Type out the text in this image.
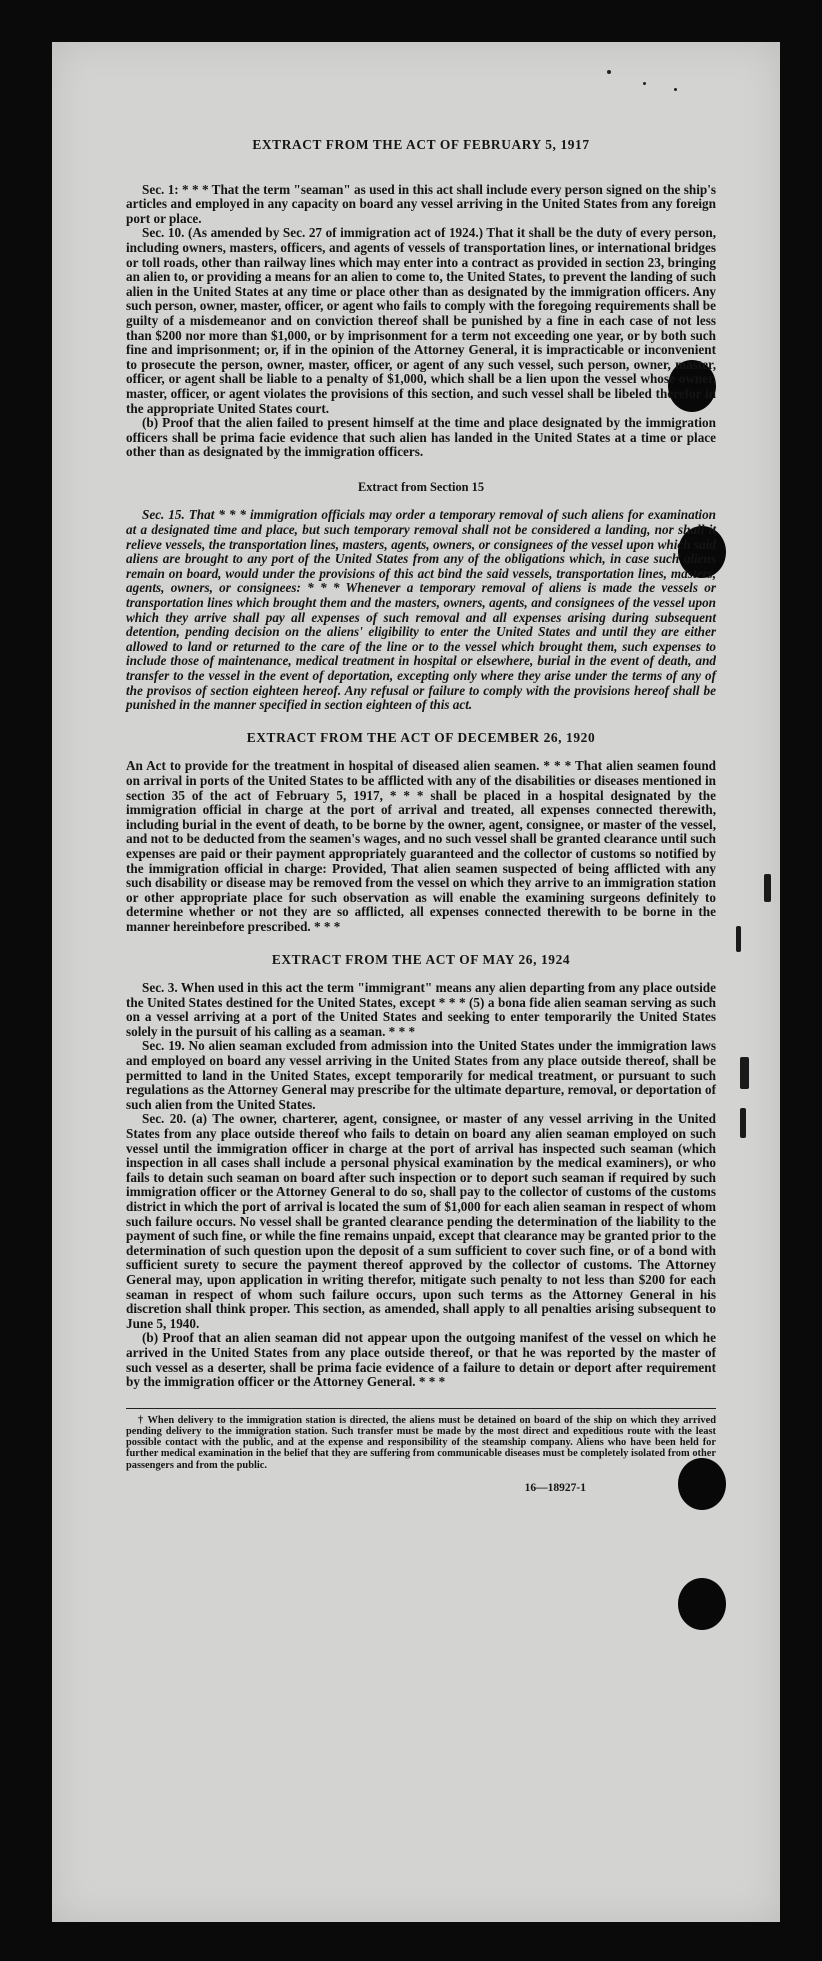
EXTRACT FROM THE ACT OF FEBRUARY 5, 1917

Sec. 1: * * * That the term "seaman" as used in this act shall include every person signed on the ship's articles and employed in any capacity on board any vessel arriving in the United States from any foreign port or place.

Sec. 10. (As amended by Sec. 27 of immigration act of 1924.) That it shall be the duty of every person, including owners, masters, officers, and agents of vessels of transportation lines, or international bridges or toll roads, other than railway lines which may enter into a contract as provided in section 23, bringing an alien to, or providing a means for an alien to come to, the United States, to prevent the landing of such alien in the United States at any time or place other than as designated by the immigration officers. Any such person, owner, master, officer, or agent who fails to comply with the foregoing requirements shall be guilty of a misdemeanor and on conviction thereof shall be punished by a fine in each case of not less than $200 nor more than $1,000, or by imprisonment for a term not exceeding one year, or by both such fine and imprisonment; or, if in the opinion of the Attorney General, it is impracticable or inconvenient to prosecute the person, owner, master, officer, or agent of any such vessel, such person, owner, master, officer, or agent shall be liable to a penalty of $1,000, which shall be a lien upon the vessel whose owner, master, officer, or agent violates the provisions of this section, and such vessel shall be libeled therefor in the appropriate United States court.

(b) Proof that the alien failed to present himself at the time and place designated by the immigration officers shall be prima facie evidence that such alien has landed in the United States at a time or place other than as designated by the immigration officers.

Extract from Section 15

Sec. 15. That * * * immigration officials may order a temporary removal of such aliens for examination at a designated time and place, but such temporary removal shall not be considered a landing, nor shall it relieve vessels, the transportation lines, masters, agents, owners, or consignees of the vessel upon which said aliens are brought to any port of the United States from any of the obligations which, in case such aliens remain on board, would under the provisions of this act bind the said vessels, transportation lines, masters, agents, owners, or consignees: * * * Whenever a temporary removal of aliens is made the vessels or transportation lines which brought them and the masters, owners, agents, and consignees of the vessel upon which they arrive shall pay all expenses of such removal and all expenses arising during subsequent detention, pending decision on the aliens' eligibility to enter the United States and until they are either allowed to land or returned to the care of the line or to the vessel which brought them, such expenses to include those of maintenance, medical treatment in hospital or elsewhere, burial in the event of death, and transfer to the vessel in the event of deportation, excepting only where they arise under the terms of any of the provisos of section eighteen hereof. Any refusal or failure to comply with the provisions hereof shall be punished in the manner specified in section eighteen of this act.

EXTRACT FROM THE ACT OF DECEMBER 26, 1920

An Act to provide for the treatment in hospital of diseased alien seamen. * * * That alien seamen found on arrival in ports of the United States to be afflicted with any of the disabilities or diseases mentioned in section 35 of the act of February 5, 1917, * * * shall be placed in a hospital designated by the immigration official in charge at the port of arrival and treated, all expenses connected therewith, including burial in the event of death, to be borne by the owner, agent, consignee, or master of the vessel, and not to be deducted from the seamen's wages, and no such vessel shall be granted clearance until such expenses are paid or their payment appropriately guaranteed and the collector of customs so notified by the immigration official in charge: Provided, That alien seamen suspected of being afflicted with any such disability or disease may be removed from the vessel on which they arrive to an immigration station or other appropriate place for such observation as will enable the examining surgeons definitely to determine whether or not they are so afflicted, all expenses connected therewith to be borne in the manner hereinbefore prescribed. * * *

EXTRACT FROM THE ACT OF MAY 26, 1924

Sec. 3. When used in this act the term "immigrant" means any alien departing from any place outside the United States destined for the United States, except * * * (5) a bona fide alien seaman serving as such on a vessel arriving at a port of the United States and seeking to enter temporarily the United States solely in the pursuit of his calling as a seaman. * * *

Sec. 19. No alien seaman excluded from admission into the United States under the immigration laws and employed on board any vessel arriving in the United States from any place outside thereof, shall be permitted to land in the United States, except temporarily for medical treatment, or pursuant to such regulations as the Attorney General may prescribe for the ultimate departure, removal, or deportation of such alien from the United States.

Sec. 20. (a) The owner, charterer, agent, consignee, or master of any vessel arriving in the United States from any place outside thereof who fails to detain on board any alien seaman employed on such vessel until the immigration officer in charge at the port of arrival has inspected such seaman (which inspection in all cases shall include a personal physical examination by the medical examiners), or who fails to detain such seaman on board after such inspection or to deport such seaman if required by such immigration officer or the Attorney General to do so, shall pay to the collector of customs of the customs district in which the port of arrival is located the sum of $1,000 for each alien seaman in respect of whom such failure occurs. No vessel shall be granted clearance pending the determination of the liability to the payment of such fine, or while the fine remains unpaid, except that clearance may be granted prior to the determination of such question upon the deposit of a sum sufficient to cover such fine, or of a bond with sufficient surety to secure the payment thereof approved by the collector of customs. The Attorney General may, upon application in writing therefor, mitigate such penalty to not less than $200 for each seaman in respect of whom such failure occurs, upon such terms as the Attorney General in his discretion shall think proper. This section, as amended, shall apply to all penalties arising subsequent to June 5, 1940.

(b) Proof that an alien seaman did not appear upon the outgoing manifest of the vessel on which he arrived in the United States from any place outside thereof, or that he was reported by the master of such vessel as a deserter, shall be prima facie evidence of a failure to detain or deport after requirement by the immigration officer or the Attorney General. * * *

† When delivery to the immigration station is directed, the aliens must be detained on board of the ship on which they arrived pending delivery to the immigration station. Such transfer must be made by the most direct and expeditious route with the least possible contact with the public, and at the expense and responsibility of the steamship company. Aliens who have been held for further medical examination in the belief that they are suffering from communicable diseases must be completely isolated from other passengers and from the public.

16—18927-1
